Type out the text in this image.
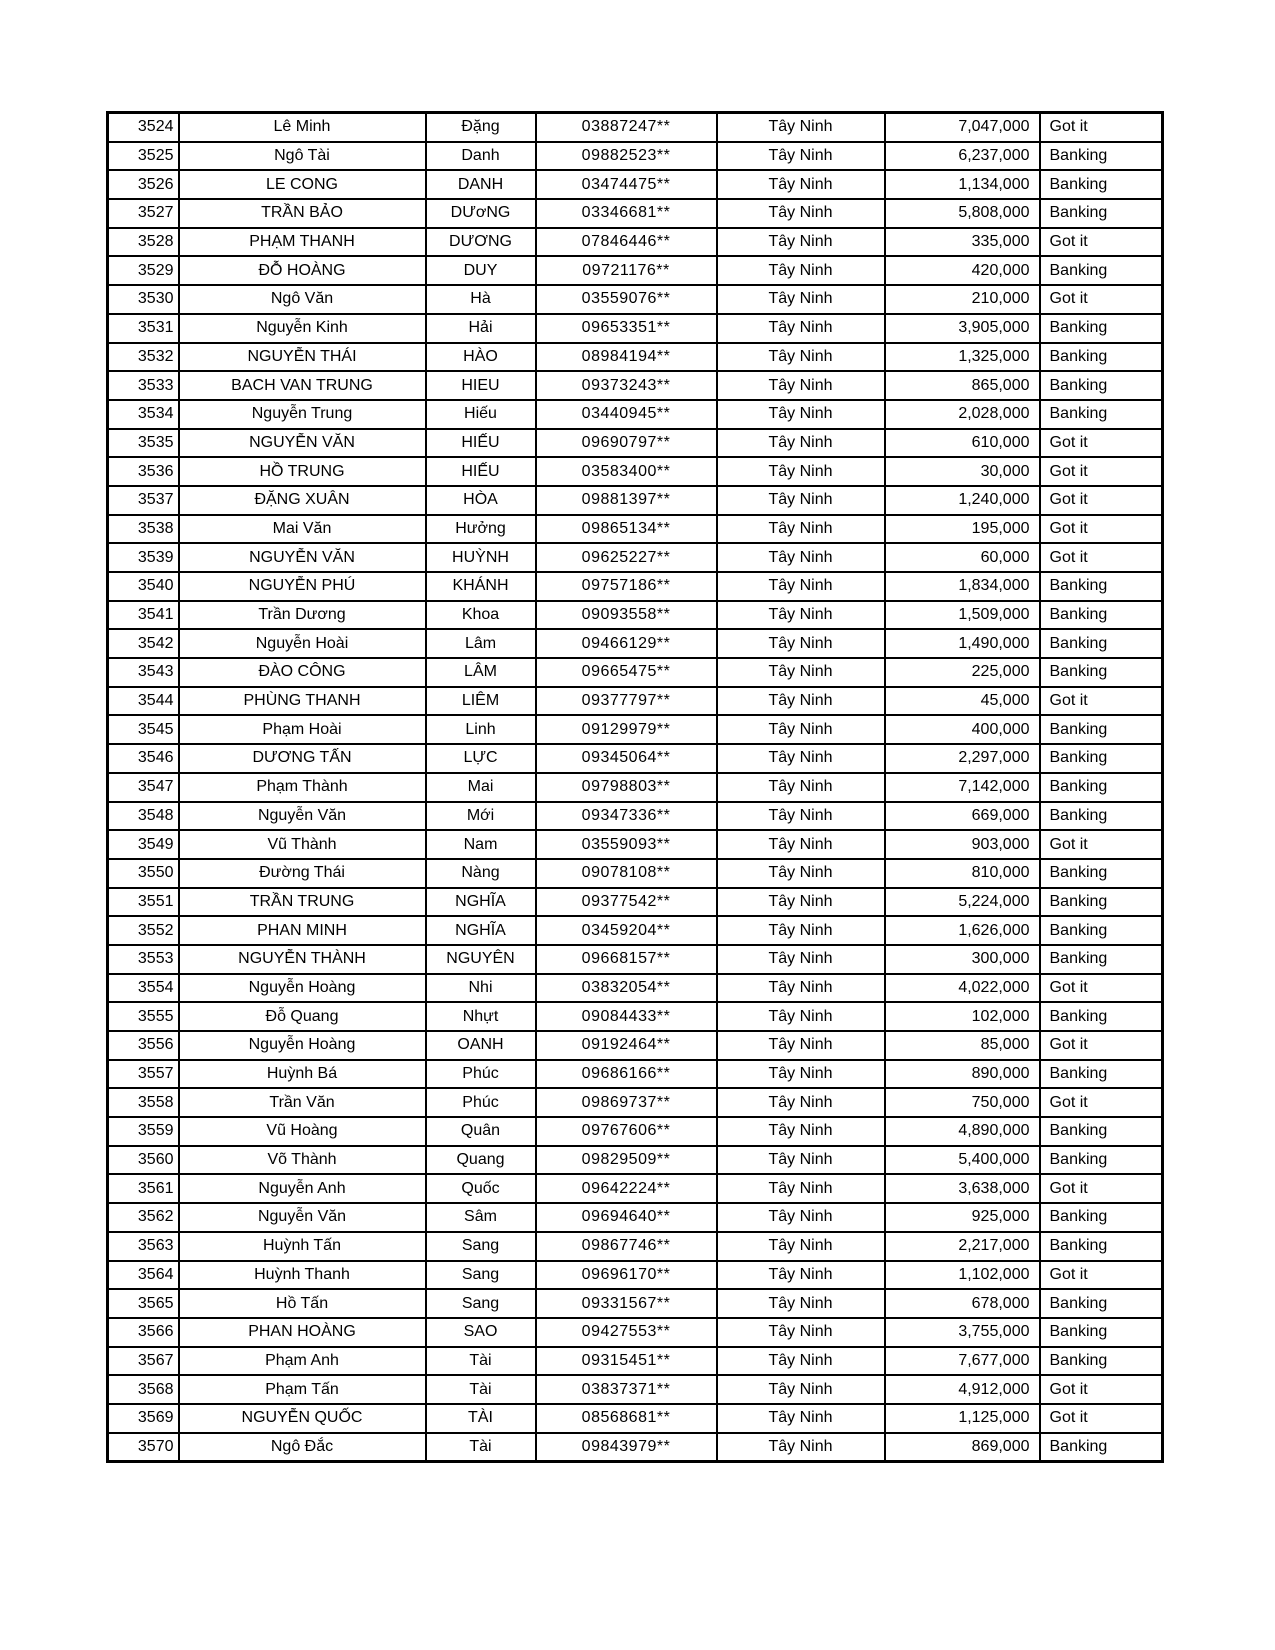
3524	Lê Minh	Đặng	03887247**	Tây Ninh	7,047,000	Got it
3525	Ngô Tài	Danh	09882523**	Tây Ninh	6,237,000	Banking
3526	LE CONG	DANH	03474475**	Tây Ninh	1,134,000	Banking
3527	TRẦN BẢO	DƯơNG	03346681**	Tây Ninh	5,808,000	Banking
3528	PHẠM THANH	DƯƠNG	07846446**	Tây Ninh	335,000	Got it
3529	ĐỖ HOÀNG	DUY	09721176**	Tây Ninh	420,000	Banking
3530	Ngô Văn	Hà	03559076**	Tây Ninh	210,000	Got it
3531	Nguyễn Kinh	Hải	09653351**	Tây Ninh	3,905,000	Banking
3532	NGUYỄN THÁI	HÀO	08984194**	Tây Ninh	1,325,000	Banking
3533	BACH VAN TRUNG	HIEU	09373243**	Tây Ninh	865,000	Banking
3534	Nguyễn Trung	Hiếu	03440945**	Tây Ninh	2,028,000	Banking
3535	NGUYỄN VĂN	HIẾU	09690797**	Tây Ninh	610,000	Got it
3536	HỒ TRUNG	HIẾU	03583400**	Tây Ninh	30,000	Got it
3537	ĐẶNG XUÂN	HÒA	09881397**	Tây Ninh	1,240,000	Got it
3538	Mai Văn	Hưởng	09865134**	Tây Ninh	195,000	Got it
3539	NGUYỄN VĂN	HUỲNH	09625227**	Tây Ninh	60,000	Got it
3540	NGUYỄN PHÚ	KHÁNH	09757186**	Tây Ninh	1,834,000	Banking
3541	Trần Dương	Khoa	09093558**	Tây Ninh	1,509,000	Banking
3542	Nguyễn Hoài	Lâm	09466129**	Tây Ninh	1,490,000	Banking
3543	ĐÀO CÔNG	LÂM	09665475**	Tây Ninh	225,000	Banking
3544	PHÙNG THANH	LIÊM	09377797**	Tây Ninh	45,000	Got it
3545	Phạm Hoài	Linh	09129979**	Tây Ninh	400,000	Banking
3546	DƯƠNG TẤN	LỰC	09345064**	Tây Ninh	2,297,000	Banking
3547	Phạm Thành	Mai	09798803**	Tây Ninh	7,142,000	Banking
3548	Nguyễn Văn	Mới	09347336**	Tây Ninh	669,000	Banking
3549	Vũ Thành	Nam	03559093**	Tây Ninh	903,000	Got it
3550	Đường Thái	Nàng	09078108**	Tây Ninh	810,000	Banking
3551	TRẦN TRUNG	NGHĨA	09377542**	Tây Ninh	5,224,000	Banking
3552	PHAN MINH	NGHĨA	03459204**	Tây Ninh	1,626,000	Banking
3553	NGUYỄN THÀNH	NGUYÊN	09668157**	Tây Ninh	300,000	Banking
3554	Nguyễn Hoàng	Nhi	03832054**	Tây Ninh	4,022,000	Got it
3555	Đỗ Quang	Nhựt	09084433**	Tây Ninh	102,000	Banking
3556	Nguyễn Hoàng	OANH	09192464**	Tây Ninh	85,000	Got it
3557	Huỳnh Bá	Phúc	09686166**	Tây Ninh	890,000	Banking
3558	Trần Văn	Phúc	09869737**	Tây Ninh	750,000	Got it
3559	Vũ Hoàng	Quân	09767606**	Tây Ninh	4,890,000	Banking
3560	Võ Thành	Quang	09829509**	Tây Ninh	5,400,000	Banking
3561	Nguyễn Anh	Quốc	09642224**	Tây Ninh	3,638,000	Got it
3562	Nguyễn Văn	Sâm	09694640**	Tây Ninh	925,000	Banking
3563	Huỳnh Tấn	Sang	09867746**	Tây Ninh	2,217,000	Banking
3564	Huỳnh Thanh	Sang	09696170**	Tây Ninh	1,102,000	Got it
3565	Hồ Tấn	Sang	09331567**	Tây Ninh	678,000	Banking
3566	PHAN HOÀNG	SAO	09427553**	Tây Ninh	3,755,000	Banking
3567	Phạm Anh	Tài	09315451**	Tây Ninh	7,677,000	Banking
3568	Phạm Tấn	Tài	03837371**	Tây Ninh	4,912,000	Got it
3569	NGUYỄN QUỐC	TÀI	08568681**	Tây Ninh	1,125,000	Got it
3570	Ngô Đắc	Tài	09843979**	Tây Ninh	869,000	Banking
